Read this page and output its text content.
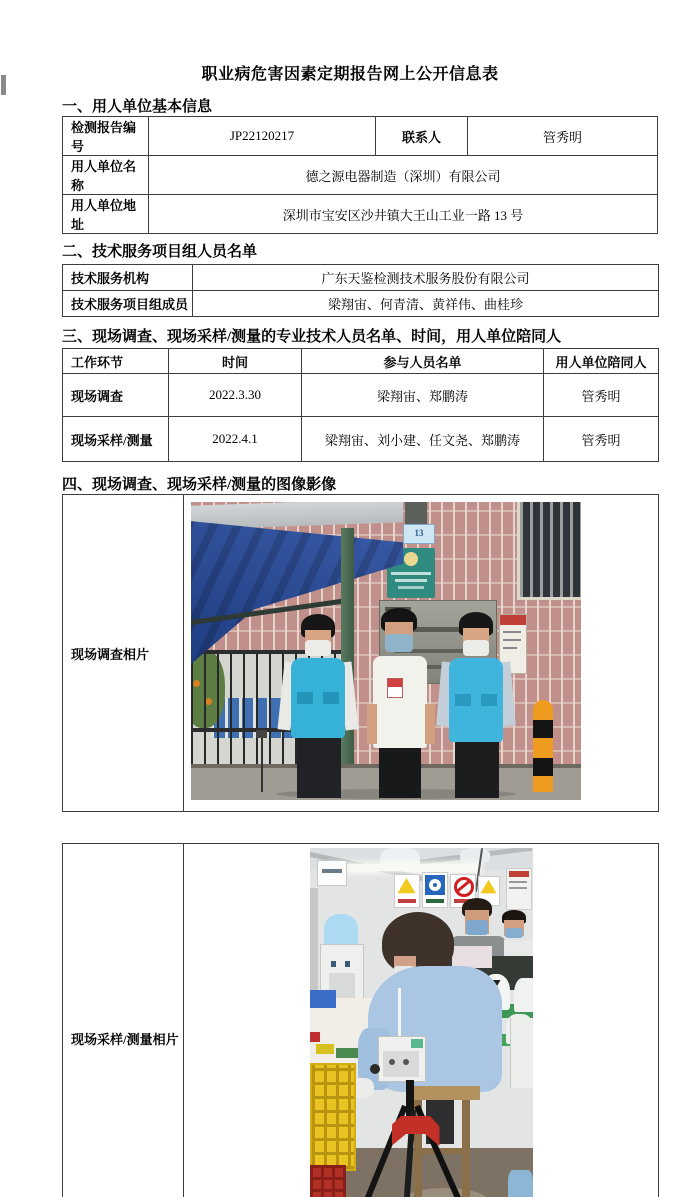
职业病危害因素定期报告网上公开信息表
一、用人单位基本信息
检测报告编号	JP22120217	联系人	管秀明
用人单位名称	德之源电器制造（深圳）有限公司		
用人单位地址	深圳市宝安区沙井镇大王山工业一路 13 号		
二、技术服务项目组人员名单
技术服务机构	广东天鉴检测技术服务股份有限公司
技术服务项目组成员	梁翔宙、何青清、黄祥伟、曲桂珍
三、现场调查、现场采样/测量的专业技术人员名单、时间，用人单位陪同人
工作环节	时间	参与人员名单	用人单位陪同人
现场调查	2022.3.30	梁翔宙、郑鹏涛	管秀明
现场采样/测量	2022.4.1	梁翔宙、刘小建、任文尧、郑鹏涛	管秀明
四、现场调查、现场采样/测量的图像影像
现场调查相片	
13
现场采样/测量相片	
